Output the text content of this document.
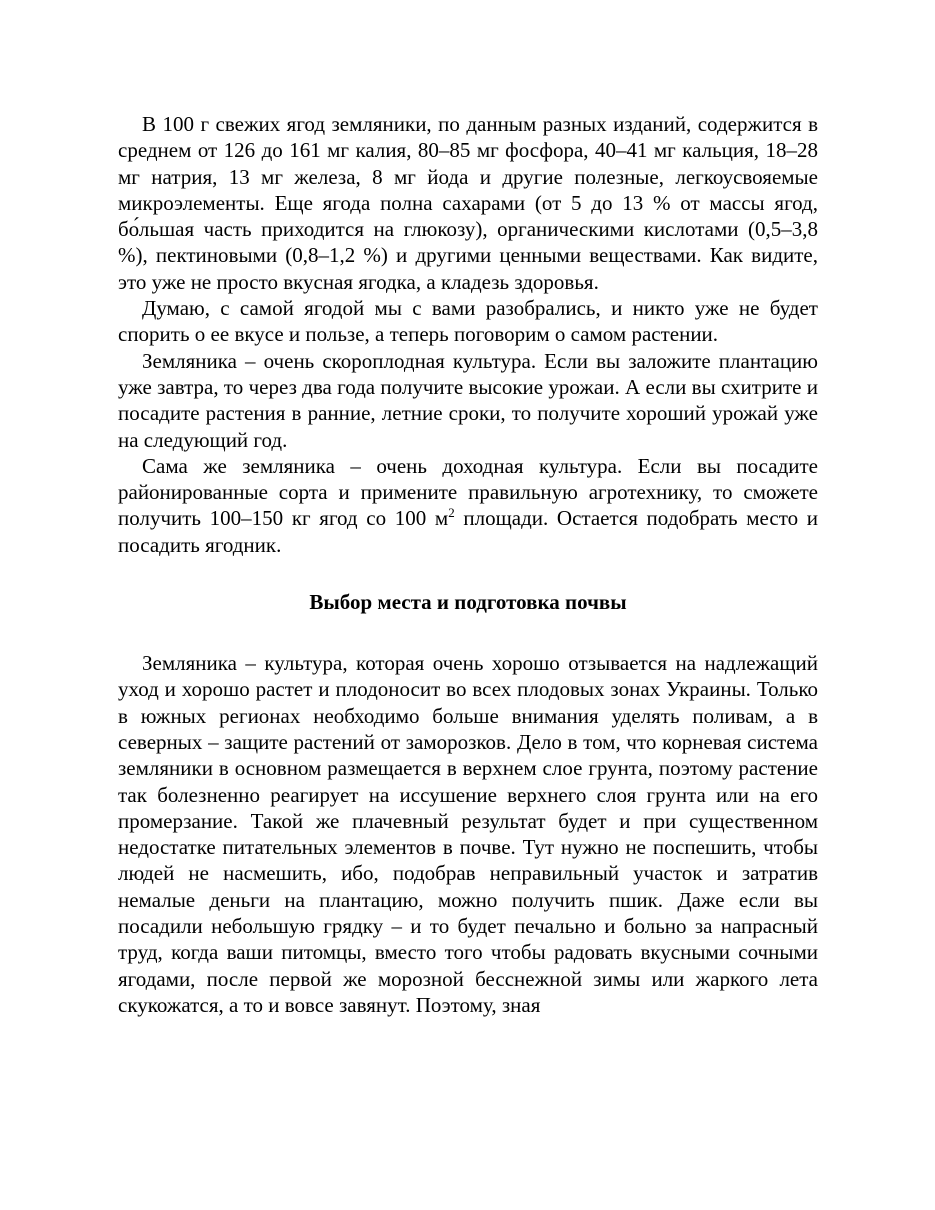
В 100 г свежих ягод земляники, по данным разных изданий, содержится в среднем от 126 до 161 мг калия, 80–85 мг фосфора, 40–41 мг кальция, 18–28 мг натрия, 13 мг железа, 8 мг йода и другие полезные, легкоусвояемые микроэлементы. Еще ягода полна сахарами (от 5 до 13 % от массы ягод, бо́льшая часть приходится на глюкозу), органическими кислотами (0,5–3,8 %), пектиновыми (0,8–1,2 %) и другими ценными веществами. Как видите, это уже не просто вкусная ягодка, а кладезь здоровья.

Думаю, с самой ягодой мы с вами разобрались, и никто уже не будет спорить о ее вкусе и пользе, а теперь поговорим о самом растении.

Земляника – очень скороплодная культура. Если вы заложите плантацию уже завтра, то через два года получите высокие урожаи. А если вы схитрите и посадите растения в ранние, летние сроки, то получите хороший урожай уже на следующий год.

Сама же земляника – очень доходная культура. Если вы посадите районированные сорта и примените правильную агротехнику, то сможете получить 100–150 кг ягод со 100 $м^2$ площади. Остается подобрать место и посадить ягодник.

Выбор места и подготовка почвы

Земляника – культура, которая очень хорошо отзывается на надлежащий уход и хорошо растет и плодоносит во всех плодовых зонах Украины. Только в южных регионах необходимо больше внимания уделять поливам, а в северных – защите растений от заморозков. Дело в том, что корневая система земляники в основном размещается в верхнем слое грунта, поэтому растение так болезненно реагирует на иссушение верхнего слоя грунта или на его промерзание. Такой же плачевный результат будет и при существенном недостатке питательных элементов в почве. Тут нужно не поспешить, чтобы людей не насмешить, ибо, подобрав неправильный участок и затратив немалые деньги на плантацию, можно получить пшик. Даже если вы посадили небольшую грядку – и то будет печально и больно за напрасный труд, когда ваши питомцы, вместо того чтобы радовать вкусными сочными ягодами, после первой же морозной бесснежной зимы или жаркого лета скукожатся, а то и вовсе завянут. Поэтому, зная
